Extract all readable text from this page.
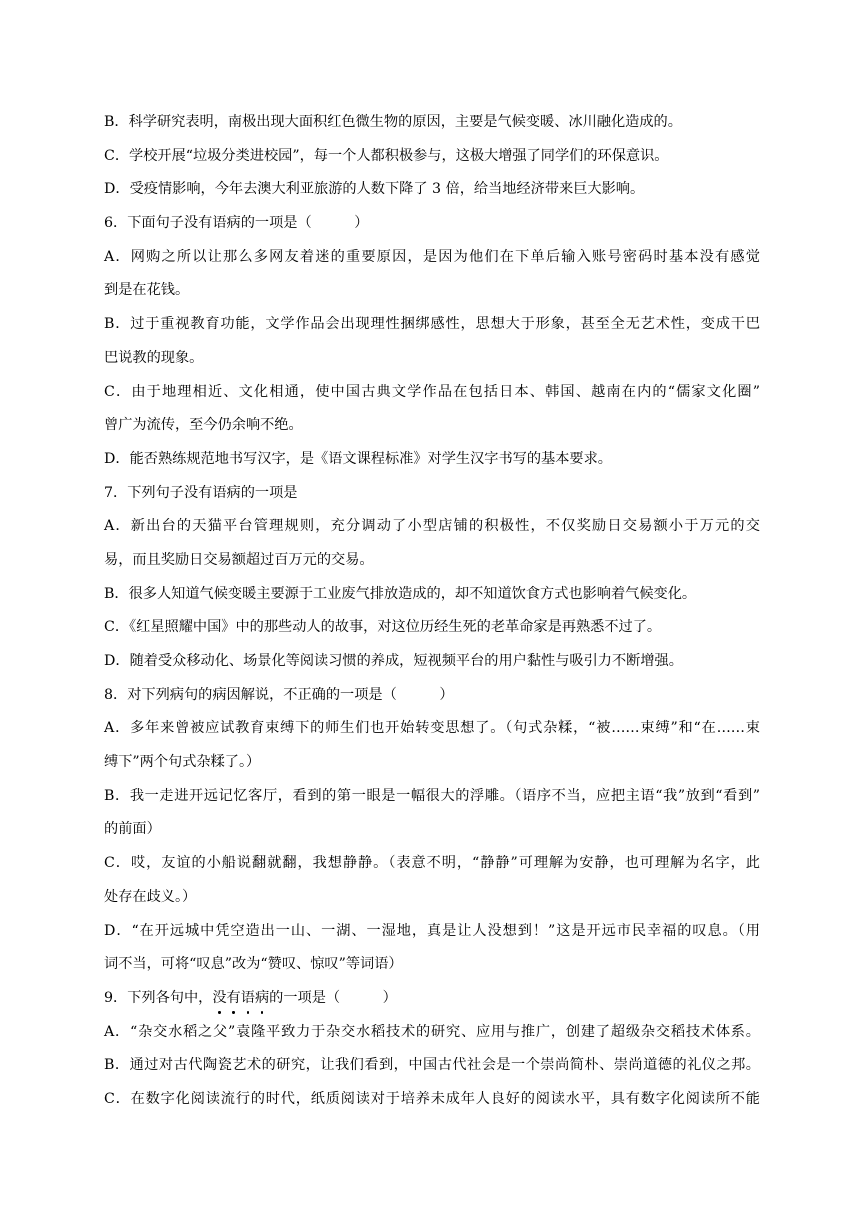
B．科学研究表明，南极出现大面积红色微生物的原因，主要是气候变暖、冰川融化造成的。
C．学校开展“垃圾分类进校园”，每一个人都积极参与，这极大增强了同学们的环保意识。
D．受疫情影响，今年去澳大利亚旅游的人数下降了 3 倍，给当地经济带来巨大影响。
6．下面句子没有语病的一项是（　　　）
A．网购之所以让那么多网友着迷的重要原因，是因为他们在下单后输入账号密码时基本没有感觉
到是在花钱。
B．过于重视教育功能，文学作品会出现理性捆绑感性，思想大于形象，甚至全无艺术性，变成干巴
巴说教的现象。
C．由于地理相近、文化相通，使中国古典文学作品在包括日本、韩国、越南在内的“儒家文化圈”
曾广为流传，至今仍余响不绝。
D．能否熟练规范地书写汉字，是《语文课程标准》对学生汉字书写的基本要求。
7．下列句子没有语病的一项是
A．新出台的天猫平台管理规则，充分调动了小型店铺的积极性，不仅奖励日交易额小于万元的交
易，而且奖励日交易额超过百万元的交易。
B．很多人知道气候变暖主要源于工业废气排放造成的，却不知道饮食方式也影响着气候变化。
C．《红星照耀中国》中的那些动人的故事，对这位历经生死的老革命家是再熟悉不过了。
D．随着受众移动化、场景化等阅读习惯的养成，短视频平台的用户黏性与吸引力不断增强。
8．对下列病句的病因解说，不正确的一项是（　　　）
A．多年来曾被应试教育束缚下的师生们也开始转变思想了。（句式杂糅，“被……束缚”和“在……束
缚下”两个句式杂糅了。）
B．我一走进开远记忆客厅，看到的第一眼是一幅很大的浮雕。（语序不当，应把主语“我”放到“看到”
的前面）
C．哎，友谊的小船说翻就翻，我想静静。（表意不明，“静静”可理解为安静，也可理解为名字，此
处存在歧义。）
D．“在开远城中凭空造出一山、一湖、一湿地，真是让人没想到！”这是开远市民幸福的叹息。（用
词不当，可将“叹息”改为“赞叹、惊叹”等词语）
9．下列各句中，没有语病的一项是（　　　）
A．“杂交水稻之父”袁隆平致力于杂交水稻技术的研究、应用与推广，创建了超级杂交稻技术体系。
B．通过对古代陶瓷艺术的研究，让我们看到，中国古代社会是一个崇尚简朴、崇尚道德的礼仪之邦。
C．在数字化阅读流行的时代，纸质阅读对于培养未成年人良好的阅读水平，具有数字化阅读所不能
